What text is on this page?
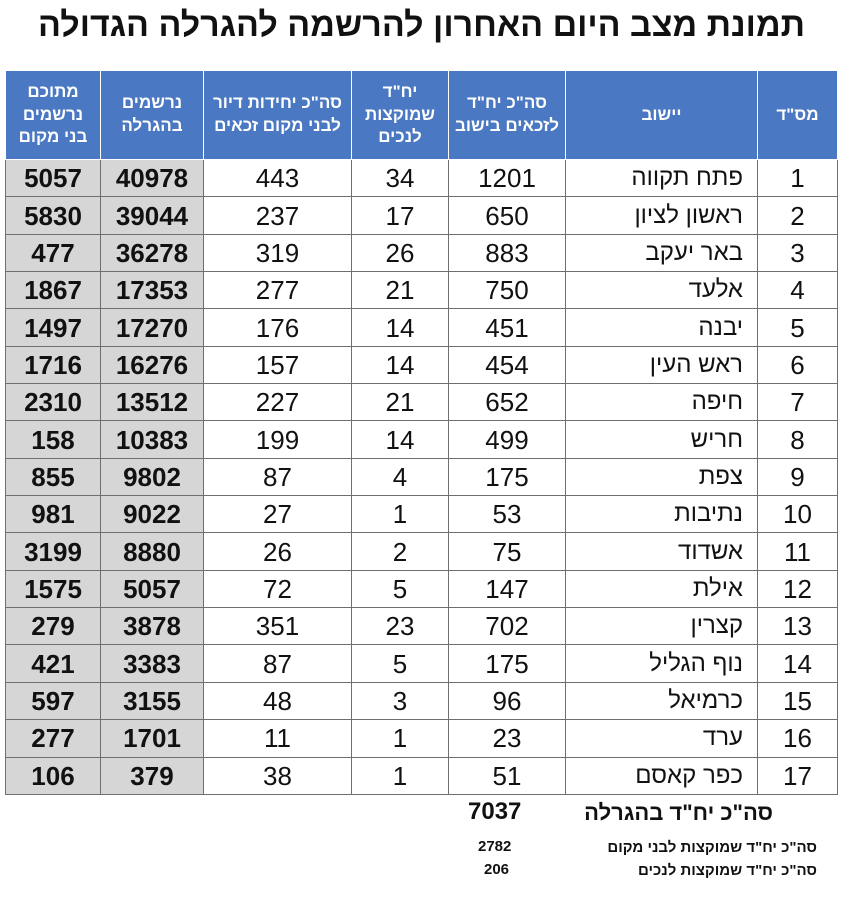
תמונת מצב היום האחרון להרשמה להגרלה הגדולה
מס"ד	יישוב	סה"כ יח"ד לזכאים בישוב	יח"ד שמוקצות לנכים	סה"כ יחידות דיור לבני מקום זכאים	נרשמים בהגרלה	מתוכם נרשמים בני מקום
1	פתח תקווה	1201	34	443	40978	5057
2	ראשון לציון	650	17	237	39044	5830
3	באר יעקב	883	26	319	36278	477
4	אלעד	750	21	277	17353	1867
5	יבנה	451	14	176	17270	1497
6	ראש העין	454	14	157	16276	1716
7	חיפה	652	21	227	13512	2310
8	חריש	499	14	199	10383	158
9	צפת	175	4	87	9802	855
10	נתיבות	53	1	27	9022	981
11	אשדוד	75	2	26	8880	3199
12	אילת	147	5	72	5057	1575
13	קצרין	702	23	351	3878	279
14	נוף הגליל	175	5	87	3383	421
15	כרמיאל	96	3	48	3155	597
16	ערד	23	1	11	1701	277
17	כפר קאסם	51	1	38	379	106
סה"כ יח"ד בהגרלה
7037
סה"כ יח"ד שמוקצות לבני מקום
2782
סה"כ יח"ד שמוקצות לנכים
206
